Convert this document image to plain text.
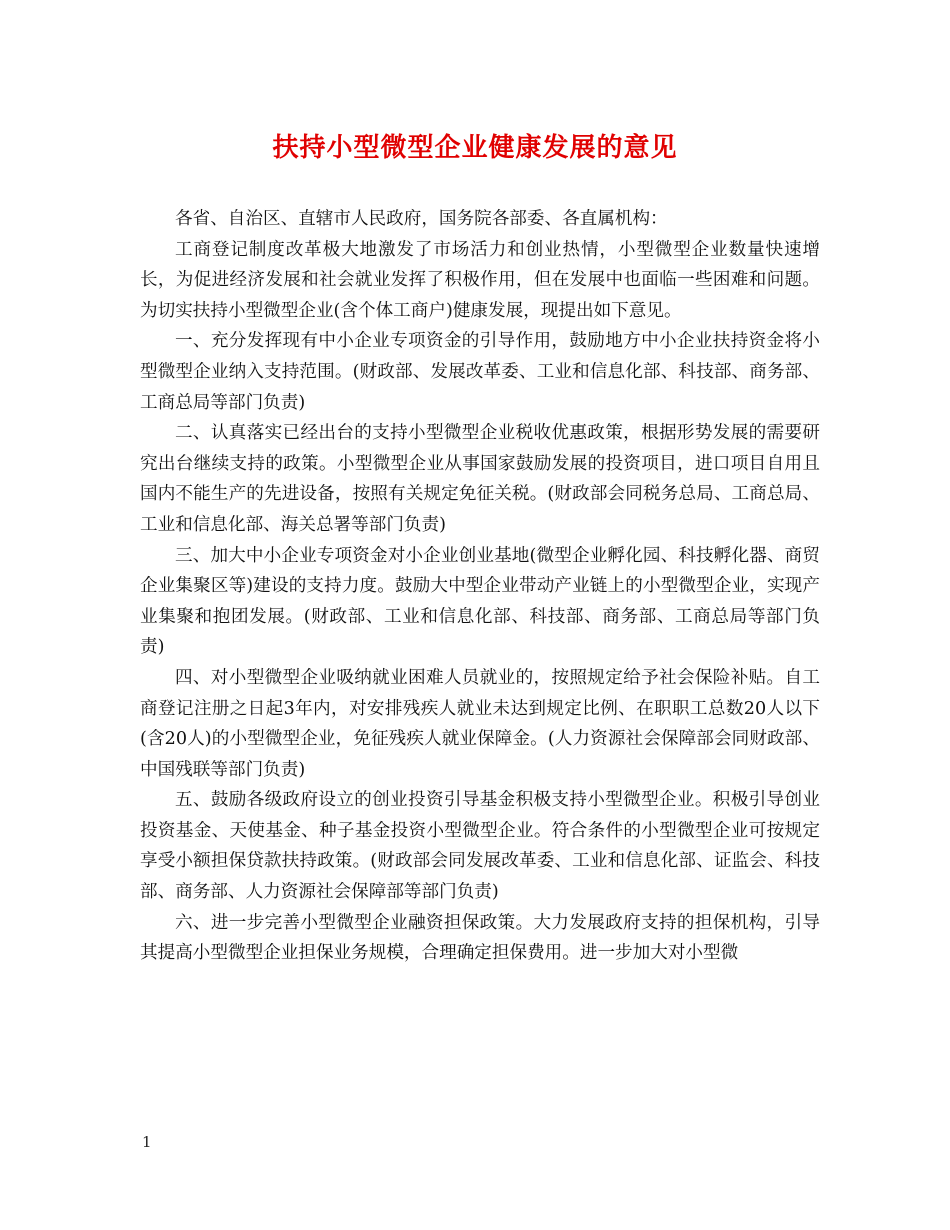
扶持小型微型企业健康发展的意见

各省、自治区、直辖市人民政府，国务院各部委、各直属机构：

工商登记制度改革极大地激发了市场活力和创业热情，小型微型企业数量快速增长，为促进经济发展和社会就业发挥了积极作用，但在发展中也面临一些困难和问题。为切实扶持小型微型企业(含个体工商户)健康发展，现提出如下意见。

一、充分发挥现有中小企业专项资金的引导作用，鼓励地方中小企业扶持资金将小型微型企业纳入支持范围。(财政部、发展改革委、工业和信息化部、科技部、商务部、工商总局等部门负责)

二、认真落实已经出台的支持小型微型企业税收优惠政策，根据形势发展的需要研究出台继续支持的政策。小型微型企业从事国家鼓励发展的投资项目，进口项目自用且国内不能生产的先进设备，按照有关规定免征关税。(财政部会同税务总局、工商总局、工业和信息化部、海关总署等部门负责)

三、加大中小企业专项资金对小企业创业基地(微型企业孵化园、科技孵化器、商贸企业集聚区等)建设的支持力度。鼓励大中型企业带动产业链上的小型微型企业，实现产业集聚和抱团发展。(财政部、工业和信息化部、科技部、商务部、工商总局等部门负责)

四、对小型微型企业吸纳就业困难人员就业的，按照规定给予社会保险补贴。自工商登记注册之日起3年内，对安排残疾人就业未达到规定比例、在职职工总数20人以下(含20人)的小型微型企业，免征残疾人就业保障金。(人力资源社会保障部会同财政部、中国残联等部门负责)

五、鼓励各级政府设立的创业投资引导基金积极支持小型微型企业。积极引导创业投资基金、天使基金、种子基金投资小型微型企业。符合条件的小型微型企业可按规定享受小额担保贷款扶持政策。(财政部会同发展改革委、工业和信息化部、证监会、科技部、商务部、人力资源社会保障部等部门负责)

六、进一步完善小型微型企业融资担保政策。大力发展政府支持的担保机构，引导其提高小型微型企业担保业务规模，合理确定担保费用。进一步加大对小型微

1
